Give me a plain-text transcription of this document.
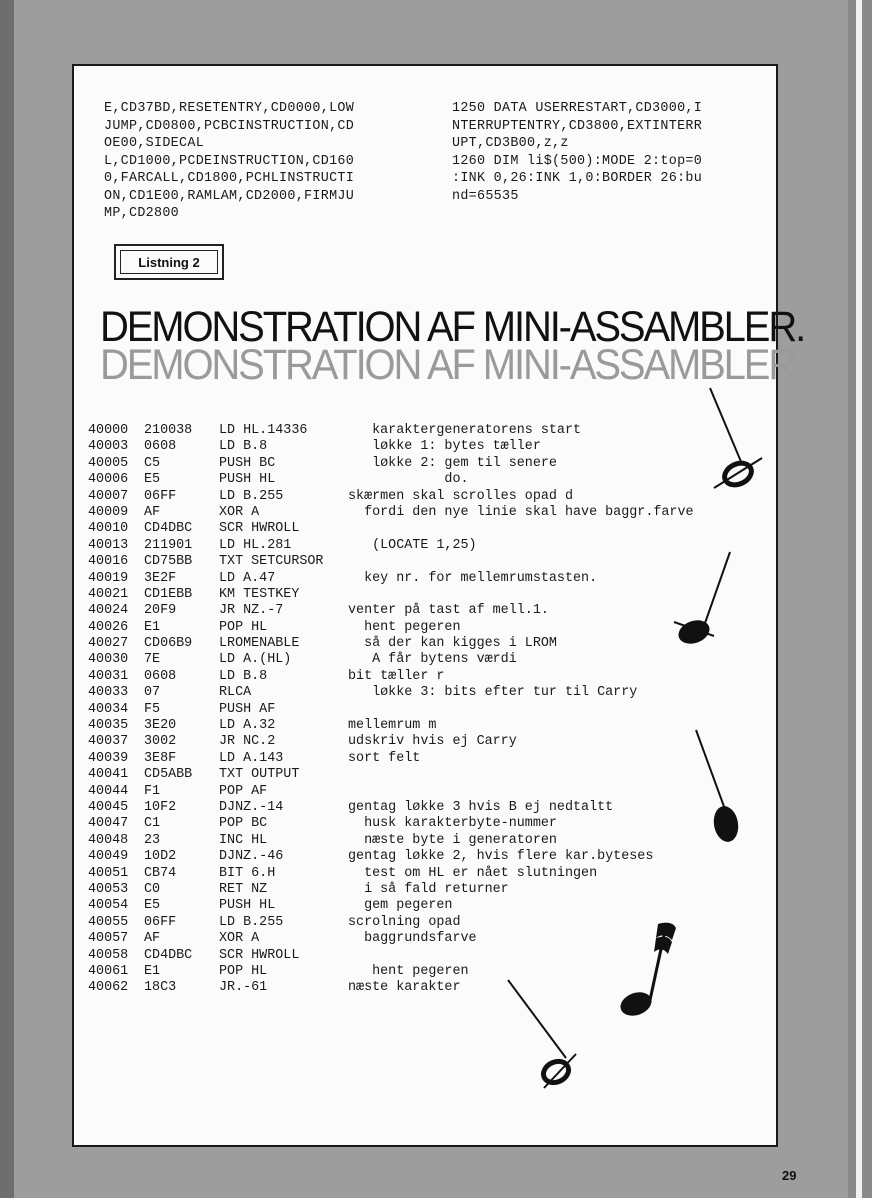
E,CD37BD,RESETENTRY,CD0000,LOW
JUMP,CD0800,PCBCINSTRUCTION,CD
OE00,SIDECAL
L,CD1000,PCDEINSTRUCTION,CD160
0,FARCALL,CD1800,PCHLINSTRUCTI
ON,CD1E00,RAMLAM,CD2000,FIRMJU
MP,CD2800
1250 DATA USERRESTART,CD3000,I
NTERRUPTENTRY,CD3800,EXTINTERR
UPT,CD3B00,z,z
1260 DIM li$(500):MODE 2:top=0
:INK 0,26:INK 1,0:BORDER 26:bu
nd=65535
Listning 2
DEMONSTRATION AF MINI-ASSAMBLER
DEMONSTRATION AF MINI-ASSAMBLER.
40000 210038 LD HL.14336	karaktergeneratorens start
40003 0608	LD B.8	løkke 1: bytes tæller
40005 C5	PUSH BC	løkke 2: gem til senere
40006 E5	PUSH HL	do.
40007 06FF	LD B.255	skærmen skal scrolles opad d
40009 AF	XOR A	fordi den nye linie skal have baggr.farve
40010 CD4DBC SCR HWROLL
40013 211901 LD HL.281	(LOCATE 1,25)
40016 CD75BB TXT SETCURSOR
40019 3E2F	LD A.47	key nr. for mellemrumstasten.
40021 CD1EBB KM TESTKEY
40024 20F9	JR NZ.-7	venter på tast af mell.1.
40026 E1	POP HL	hent pegeren
40027 CD06B9 LROMENABLE	så der kan kigges i LROM
40030 7E	LD A.(HL)	A får bytens værdi
40031 0608	LD B.8	bit tæller r
40033 07	RLCA	løkke 3: bits efter tur til Carry
40034 F5	PUSH AF
40035 3E20	LD A.32	mellemrum m
40037 3002	JR NC.2	udskriv hvis ej Carry
40039 3E8F	LD A.143	sort felt
40041 CD5ABB TXT OUTPUT
40044 F1	POP AF
40045 10F2	DJNZ.-14	gentag løkke 3 hvis B ej nedtaltt
40047 C1	POP BC	husk karakterbyte-nummer
40048 23	INC HL	næste byte i generatoren
40049 10D2	DJNZ.-46	gentag løkke 2, hvis flere kar.byteses
40051 CB74	BIT 6.H	test om HL er nået slutningen
40053 C0	RET NZ	i så fald returner
40054 E5	PUSH HL	gem pegeren
40055 06FF	LD B.255	scrolning opad
40057 AF	XOR A	baggrundsfarve
40058 CD4DBC SCR HWROLL
40061 E1	POP HL	hent pegeren
40062 18C3	JR.-61	næste karakter
29
